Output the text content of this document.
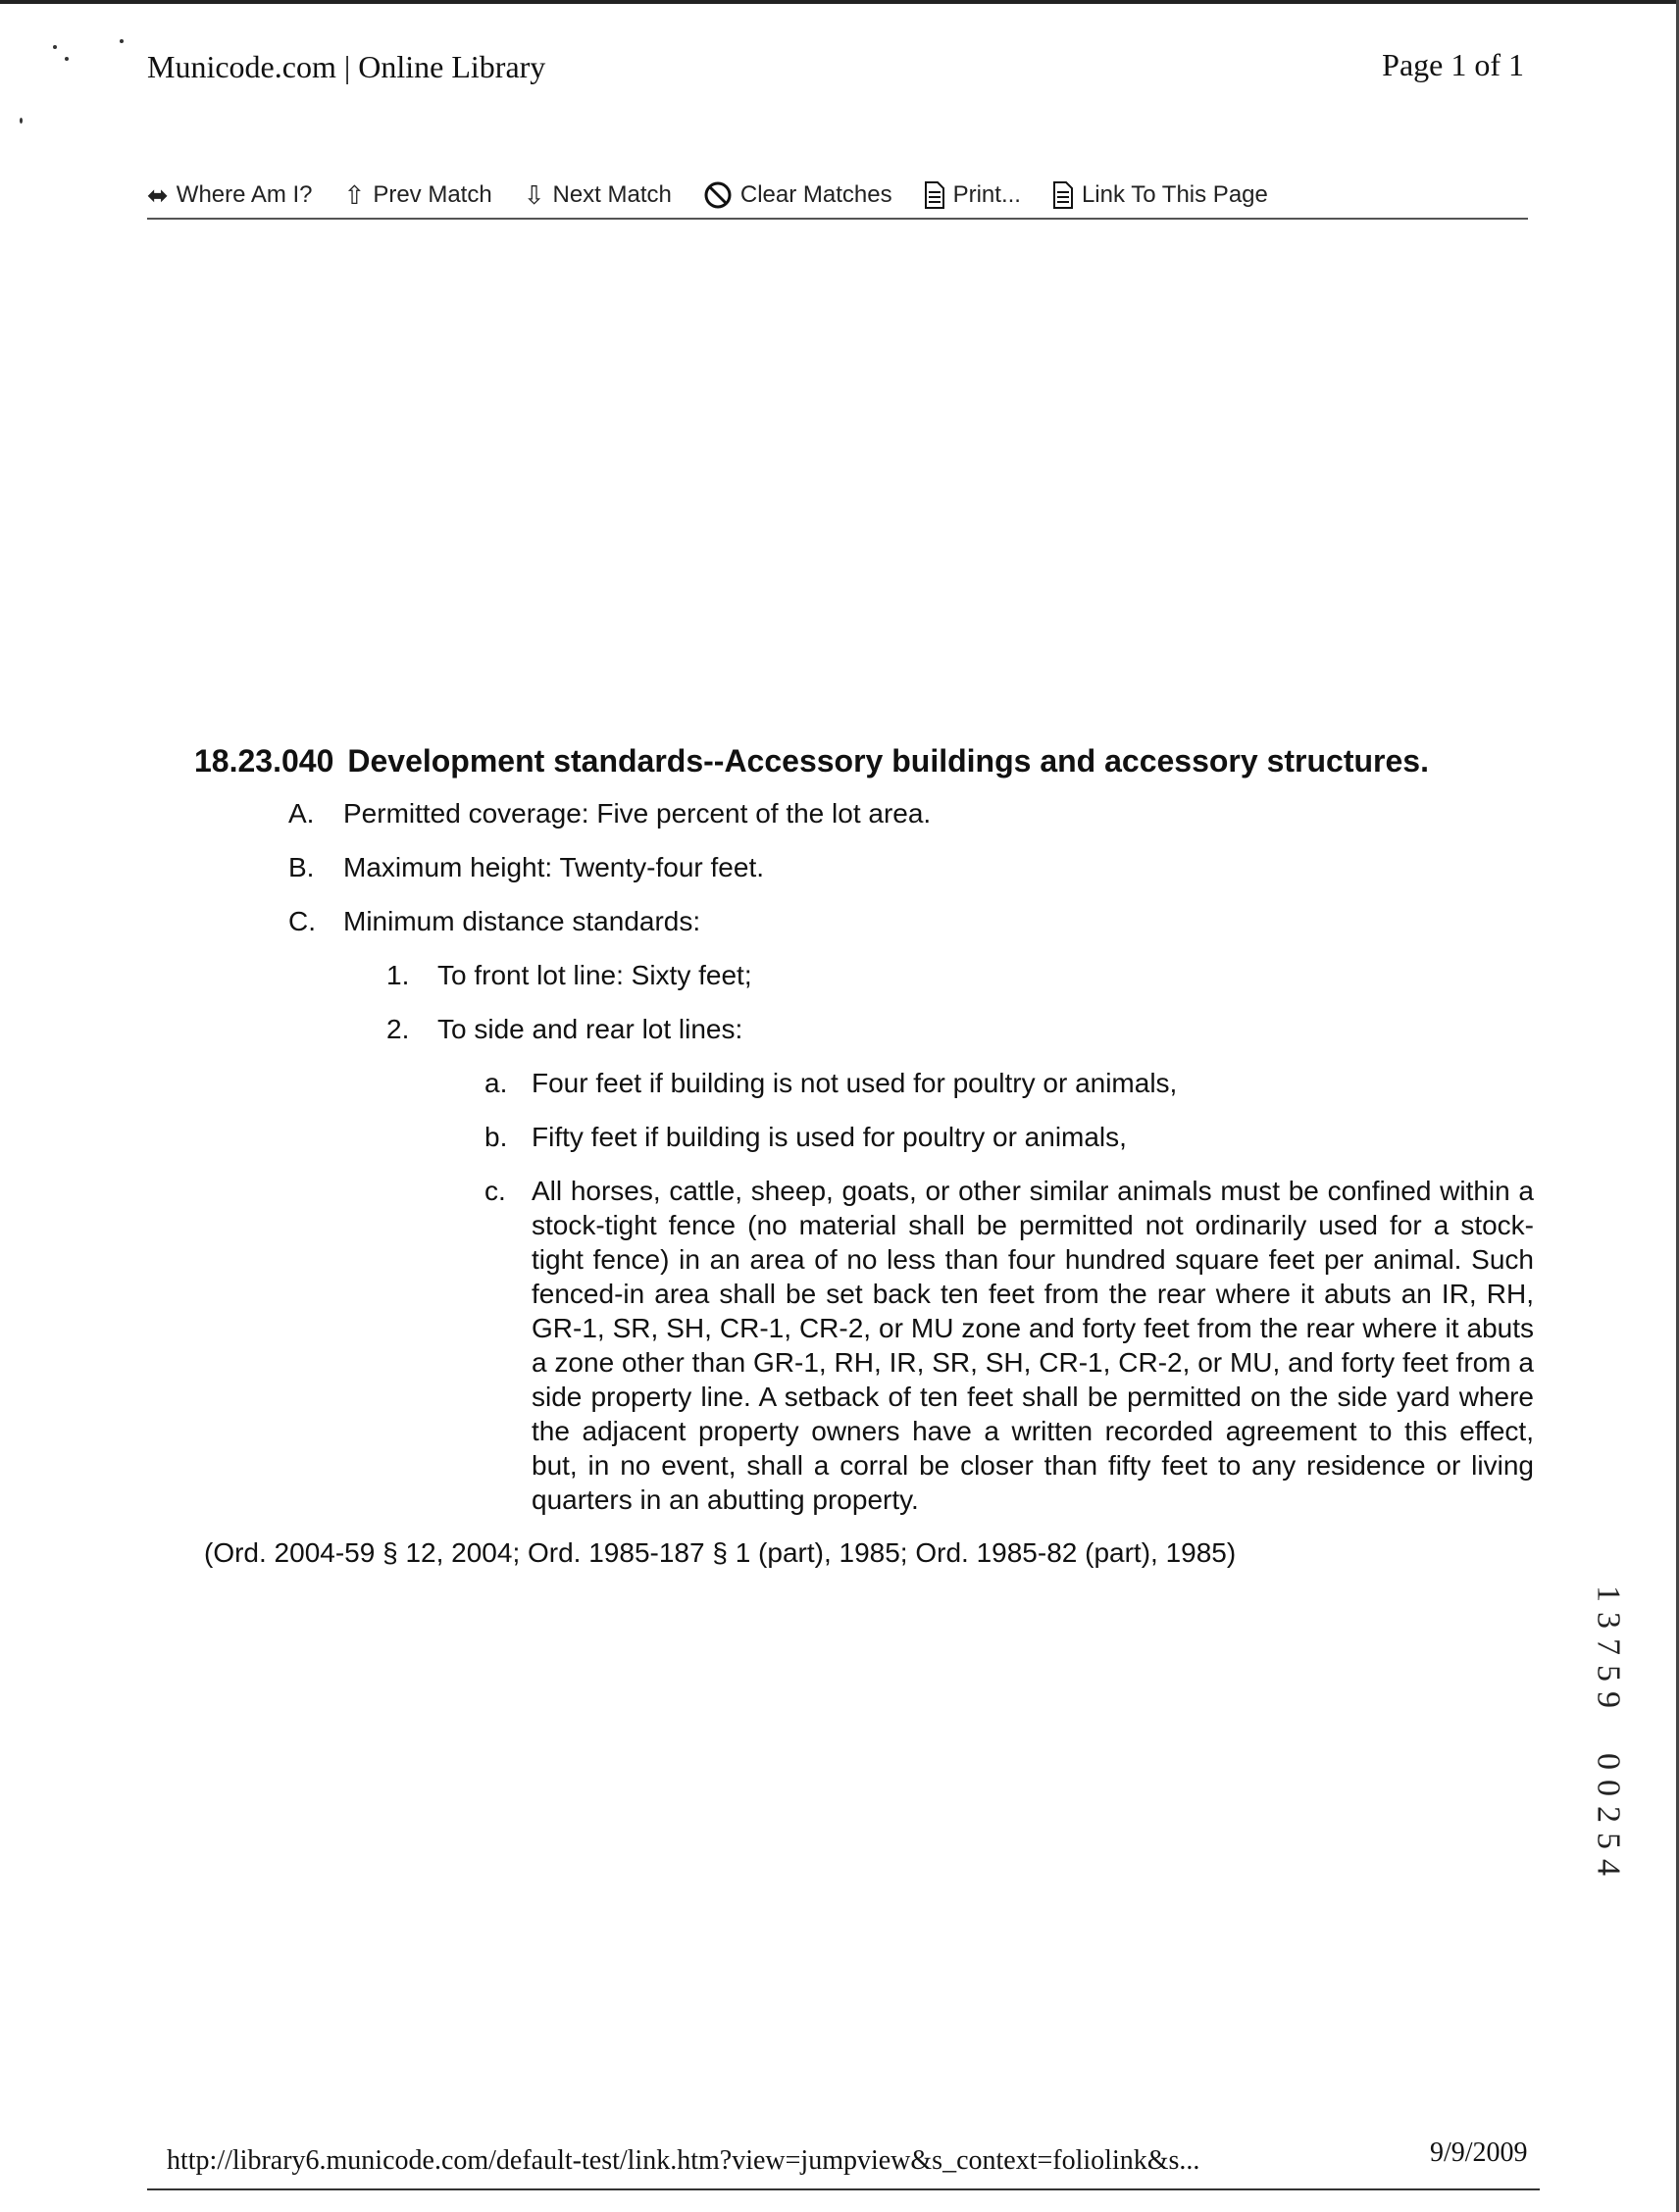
Municode.com | Online Library	Page 1 of 1
⬌ Where Am I? ⇧ Prev Match ⇩ Next Match	Clear Matches	Print...	Link To This Page
18.23.040 Development standards--Accessory buildings and accessory structures.
A.	Permitted coverage: Five percent of the lot area.
B.	Maximum height: Twenty-four feet.
C.	Minimum distance standards:
1.	To front lot line: Sixty feet;
2.	To side and rear lot lines:
a. Four feet if building is not used for poultry or animals,
b. Fifty feet if building is used for poultry or animals,
c. All horses, cattle, sheep, goats, or other similar animals must be confined within a stock-tight fence (no material shall be permitted not ordinarily used for a stock-tight fence) in an area of no less than four hundred square feet per animal. Such fenced-in area shall be set back ten feet from the rear where it abuts an IR, RH, GR-1, SR, SH, CR-1, CR-2, or MU zone and forty feet from the rear where it abuts a zone other than GR-1, RH, IR, SR, SH, CR-1, CR-2, or MU, and forty feet from a side property line. A setback of ten feet shall be permitted on the side yard where the adjacent property owners have a written recorded agreement to this effect, but, in no event, shall a corral be closer than fifty feet to any residence or living quarters in an abutting property.
(Ord. 2004-59 § 12, 2004; Ord. 1985-187 § 1 (part), 1985; Ord. 1985-82 (part), 1985)
1
3
7
5
9
0
0
2
5
4
http://library6.municode.com/default-test/link.htm?view=jumpview&s_context=foliolink&s...	9/9/2009
